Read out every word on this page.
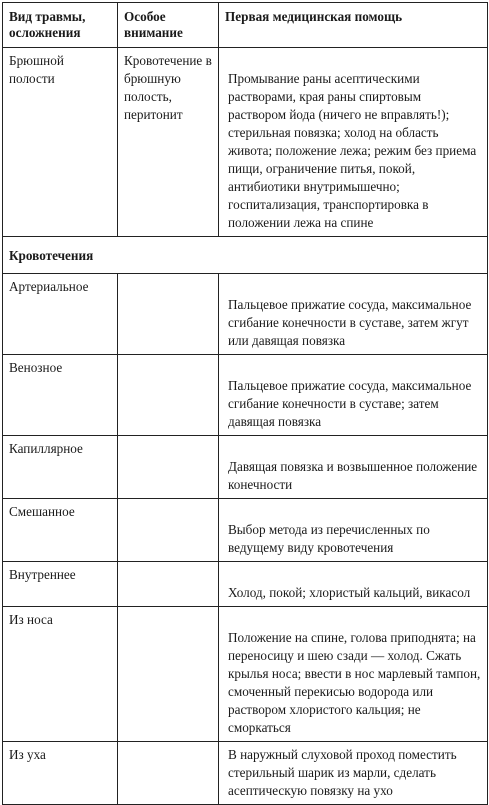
Вид травмы, осложнения	Особое внимание	Первая медицинская помощь
Брюшной полости	Кровотечение в брюшную полость, перитонит	Промывание раны асептическими растворами, края раны спиртовым раствором йода (ничего не вправлять!); стерильная повязка; холод на область живота; положение лежа; режим без приема пищи, ограничение питья, покой, антибиотики внутримышечно; госпитализация, транспортировка в положении лежа на спине
Кровотечения		
Артериальное		Пальцевое прижатие сосуда, максимальное сгибание конечности в суставе, затем жгут или давящая повязка
Венозное		Пальцевое прижатие сосуда, максимальное сгибание конечности в суставе; затем давящая повязка
Капиллярное		Давящая повязка и возвышенное положение конечности
Смешанное		Выбор метода из перечисленных по ведущему виду кровотечения
Внутреннее		Холод, покой; хлористый кальций, викасол
Из носа		Положение на спине, голова приподнята; на переносицу и шею сзади — холод. Сжать крылья носа; ввести в нос марлевый тампон, смоченный перекисью водорода или раствором хлористого кальция; не сморкаться
Из уха		В наружный слуховой проход поместить стерильный шарик из марли, сделать асептическую повязку на ухо
